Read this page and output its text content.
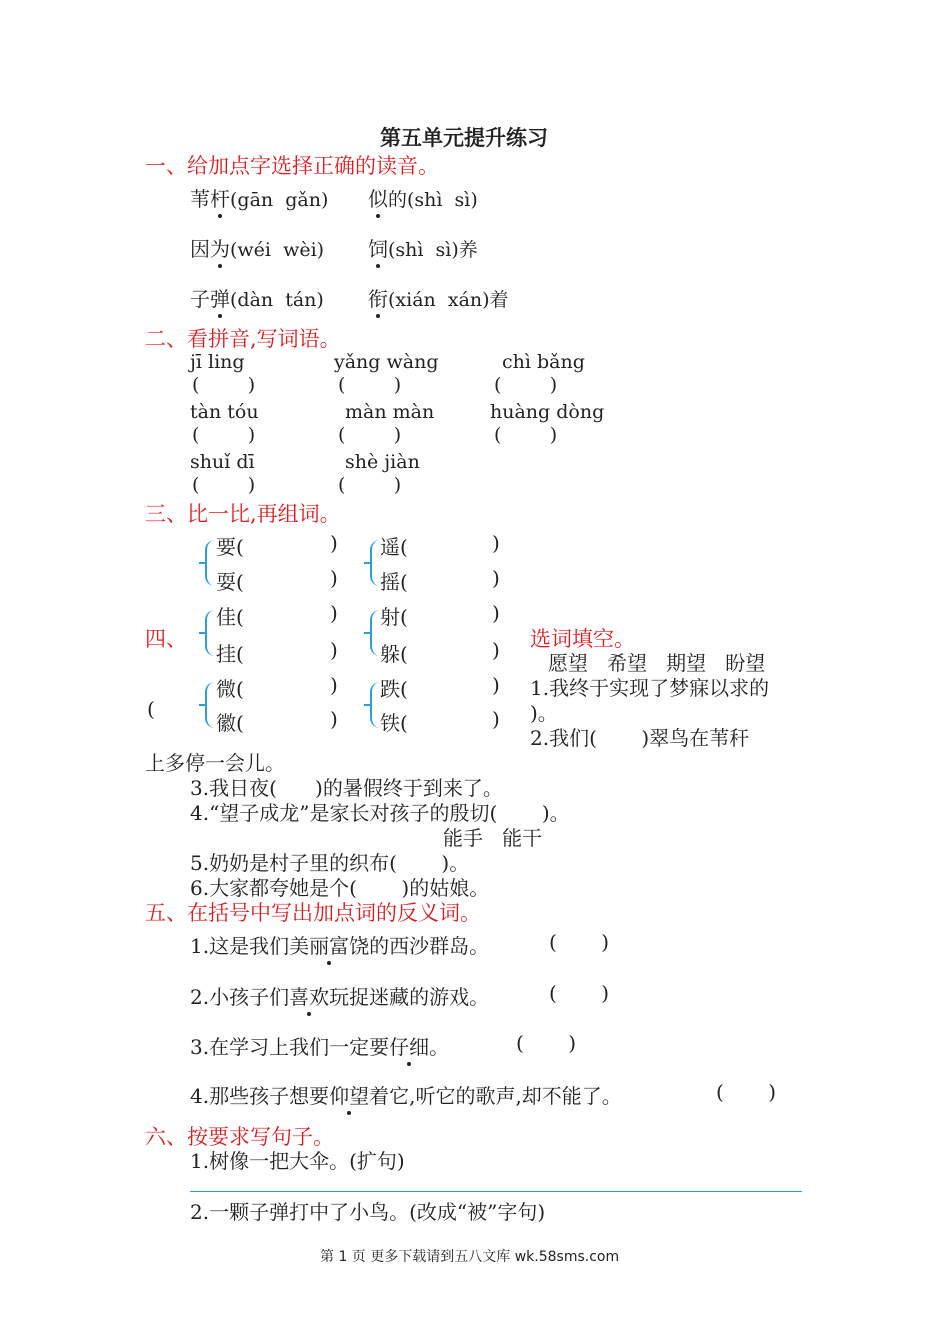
第五单元提升练习
一、给加点字选择正确的读音。
苇杆(gān  gǎn) 似的(shì  sì)
因为(wéi  wèi) 饲(shì  sì)养
子弹(dàn  tán) 衔(xián  xán)着
二、看拼音,写词语。
jī ling	yǎng wàng	chì bǎng
(        )	(        )	(        )
tàn tóu	màn màn	huàng dòng
(        )	(        )	(        )
shuǐ dī	shè jiàn
(        )	(        )
三、比一比,再组词。
要(	)
耍(	)
遥(	)
摇(	)
佳(	)
挂(	)
射(	)
躲(	)
微(	)
徽(	)
跌(	)
铁(	)
四、	选词填空。
愿望   希望   期望   盼望
1.我终于实现了梦寐以求的
(	)。
2.我们(       )翠鸟在苇秆
上多停一会儿。
3.我日夜(      )的暑假终于到来了。
4.“望子成龙”是家长对孩子的殷切(       )。
能手   能干
5.奶奶是村子里的织布(       )。
6.大家都夸她是个(       )的姑娘。
五、在括号中写出加点词的反义词。
1.这是我们美丽富饶的西沙群岛。	(       )
2.小孩子们喜欢玩捉迷藏的游戏。	(       )
3.在学习上我们一定要仔细。	(       )
4.那些孩子想要仰望着它,听它的歌声,却不能了。	(       )
六、按要求写句子。
1.树像一把大伞。(扩句)
2.一颗子弹打中了小鸟。(改成“被”字句)
第 1 页 更多下载请到五八文库 wk.58sms.com
